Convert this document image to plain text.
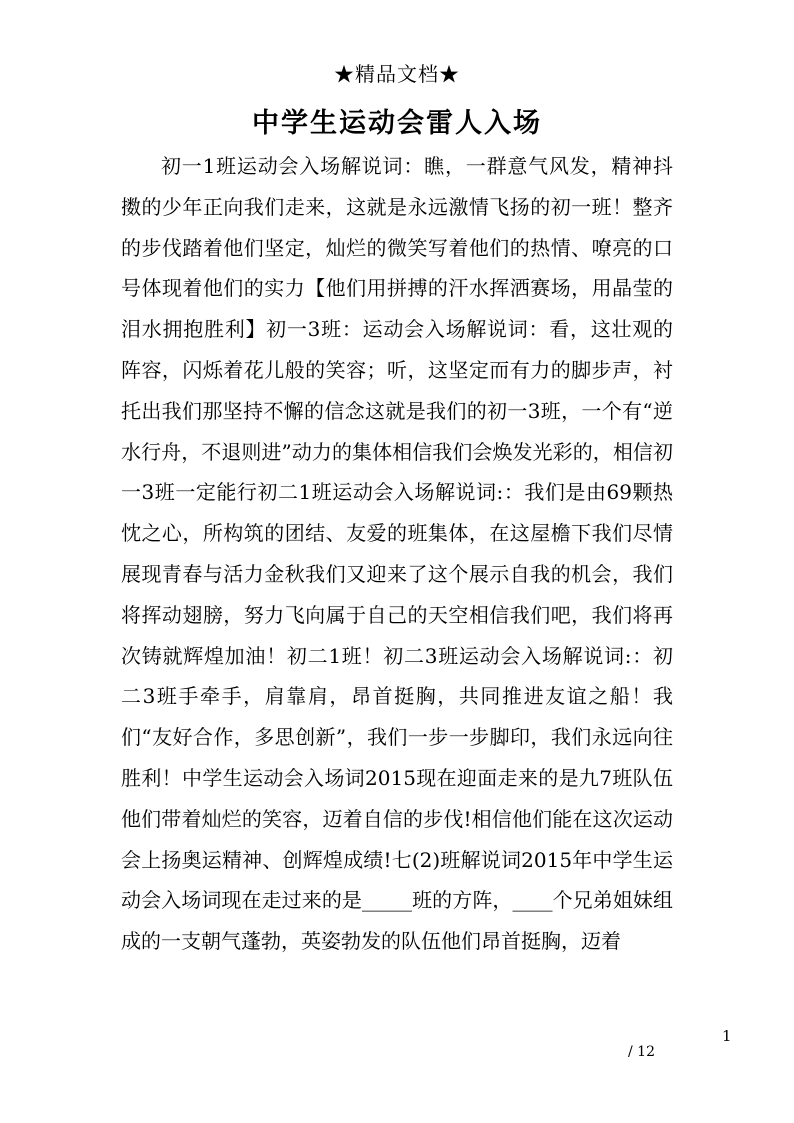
★精品文档★
中学生运动会雷人入场

初一1班运动会入场解说词：瞧，一群意气风发，精神抖擞的少年正向我们走来，这就是永远激情飞扬的初一班！整齐的步伐踏着他们坚定，灿烂的微笑写着他们的热情、嘹亮的口号体现着他们的实力【他们用拼搏的汗水挥洒赛场，用晶莹的泪水拥抱胜利】初一3班：运动会入场解说词：看，这壮观的阵容，闪烁着花儿般的笑容；听，这坚定而有力的脚步声，衬托出我们那坚持不懈的信念这就是我们的初一3班，一个有“逆水行舟，不退则进”动力的集体相信我们会焕发光彩的，相信初一3班一定能行初二1班运动会入场解说词:：我们是由69颗热忱之心，所构筑的团结、友爱的班集体，在这屋檐下我们尽情展现青春与活力金秋我们又迎来了这个展示自我的机会，我们将挥动翅膀，努力飞向属于自己的天空相信我们吧，我们将再次铸就辉煌加油！初二1班！初二3班运动会入场解说词:：初二3班手牵手，肩靠肩，昂首挺胸，共同推进友谊之船！我们“友好合作，多思创新”，我们一步一步脚印，我们永远向往胜利！中学生运动会入场词2015现在迎面走来的是九7班队伍他们带着灿烂的笑容，迈着自信的步伐!相信他们能在这次运动会上扬奥运精神、创辉煌成绩!七(2)班解说词2015年中学生运动会入场词现在走过来的是_____班的方阵，____个兄弟姐妹组成的一支朝气蓬勃，英姿勃发的队伍他们昂首挺胸，迈着

1
/ 12
